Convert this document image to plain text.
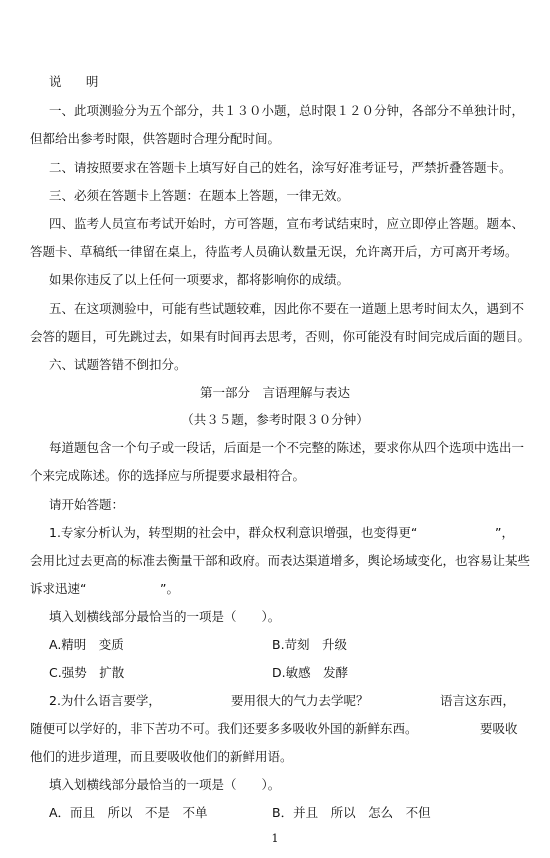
说 明
一、此项测验分为五个部分，共１３０小题，总时限１２０分钟，各部分不单独计时，
但都给出参考时限，供答题时合理分配时间。
二、请按照要求在答题卡上填写好自己的姓名，涂写好准考证号，严禁折叠答题卡。
三、必须在答题卡上答题：在题本上答题，一律无效。
四、监考人员宣布考试开始时，方可答题，宣布考试结束时，应立即停止答题。题本、
答题卡、草稿纸一律留在桌上，待监考人员确认数量无误，允许离开后，方可离开考场。
如果你违反了以上任何一项要求，都将影响你的成绩。
五、在这项测验中，可能有些试题较难，因此你不要在一道题上思考时间太久，遇到不
会答的题目，可先跳过去，如果有时间再去思考，否则，你可能没有时间完成后面的题目。
六、试题答错不倒扣分。
第一部分　言语理解与表达
（共３５题，参考时限３０分钟）
每道题包含一个句子或一段话，后面是一个不完整的陈述，要求你从四个选项中选出一
个来完成陈述。你的选择应与所提要求最相符合。
请开始答题：
1.专家分析认为，转型期的社会中，群众权利意识增强，也变得更“	”，
会用比过去更高的标准去衡量干部和政府。而表达渠道增多，舆论场域变化，也容易让某些
诉求迅速“	”。
填入划横线部分最恰当的一项是（　　）。
A.精明　变质	B.苛刻　升级
C.强势　扩散	D.敏感　发酵
2.为什么语言要学，	要用很大的气力去学呢？	语言这东西，
随便可以学好的，非下苦功不可。我们还要多多吸收外国的新鲜东西。	要吸收
他们的进步道理，而且要吸收他们的新鲜用语。
填入划横线部分最恰当的一项是（　　）。
A．而且　所以　不是　不单	B．并且　所以　怎么　不但
1
